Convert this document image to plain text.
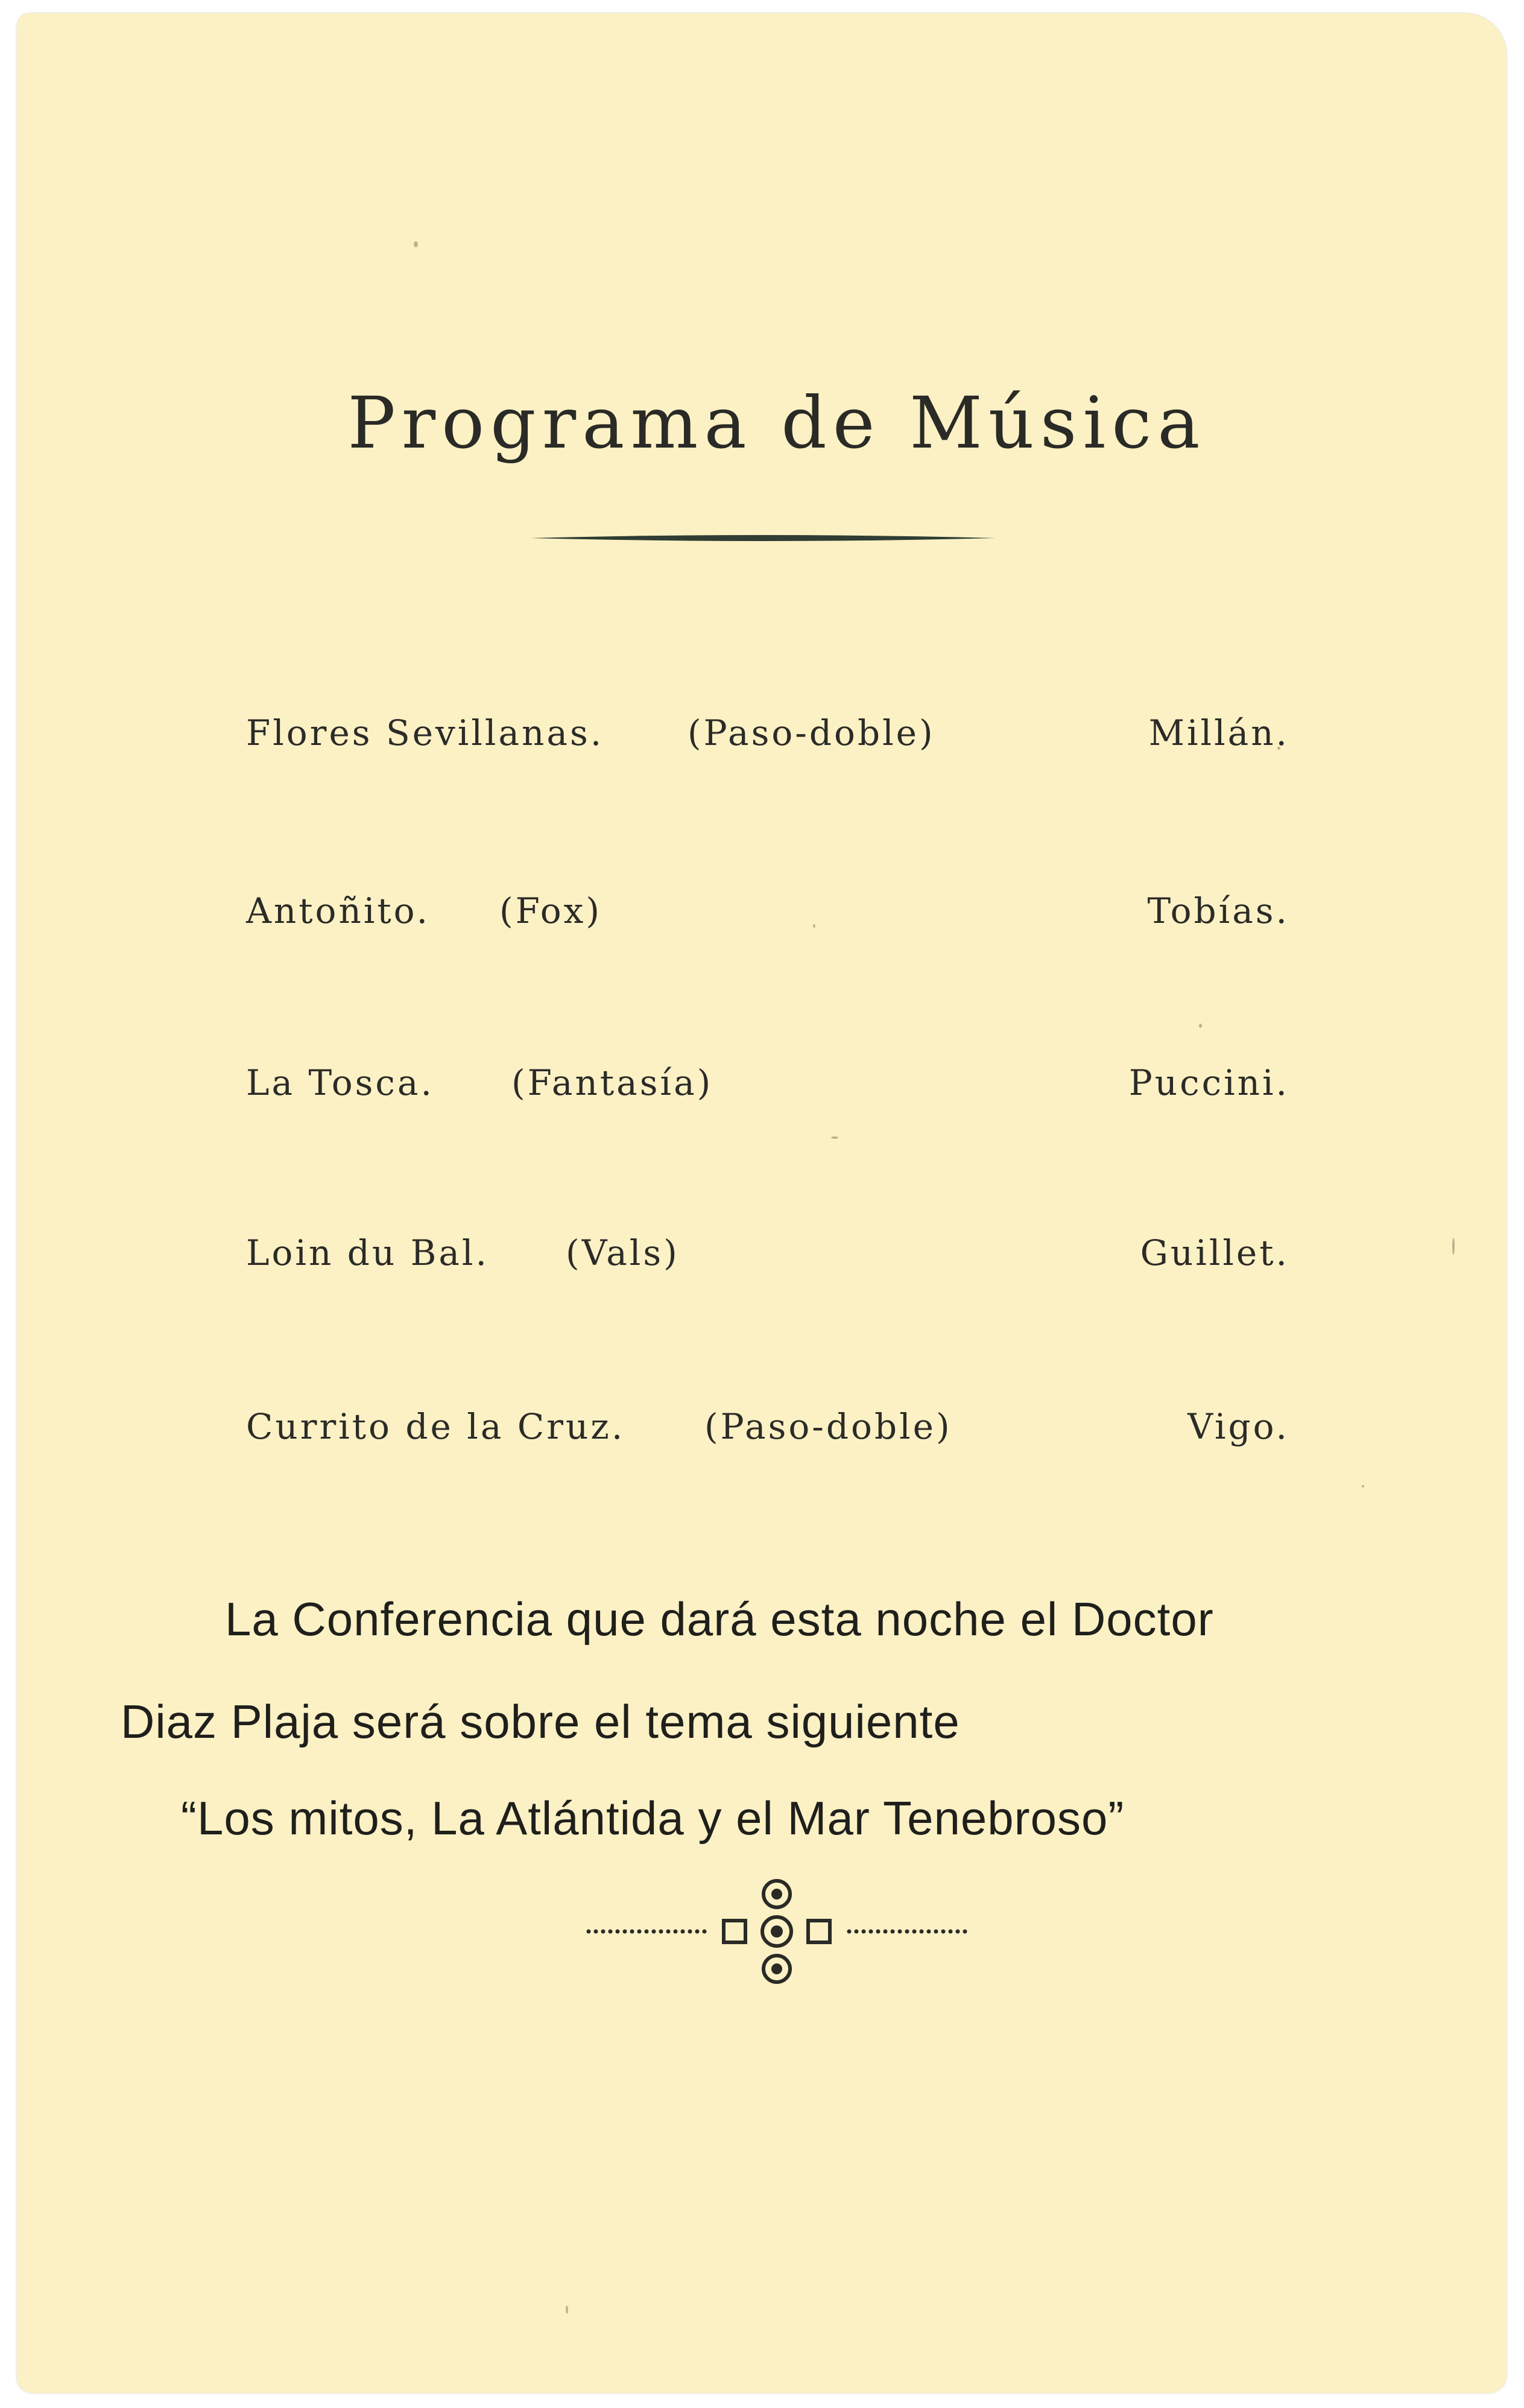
Programa de Música
Flores Sevillanas. (Paso-doble)	Millán.
Antoñito. (Fox)	Tobías.
La Tosca. (Fantasía)	Puccini.
Loin du Bal. (Vals)	Guillet.
Currito de la Cruz. (Paso-doble)	Vigo.
La Conferencia que dará esta noche el Doctor
Diaz Plaja será sobre el tema siguiente
“Los mitos, La Atlántida y el Mar Tenebroso”
